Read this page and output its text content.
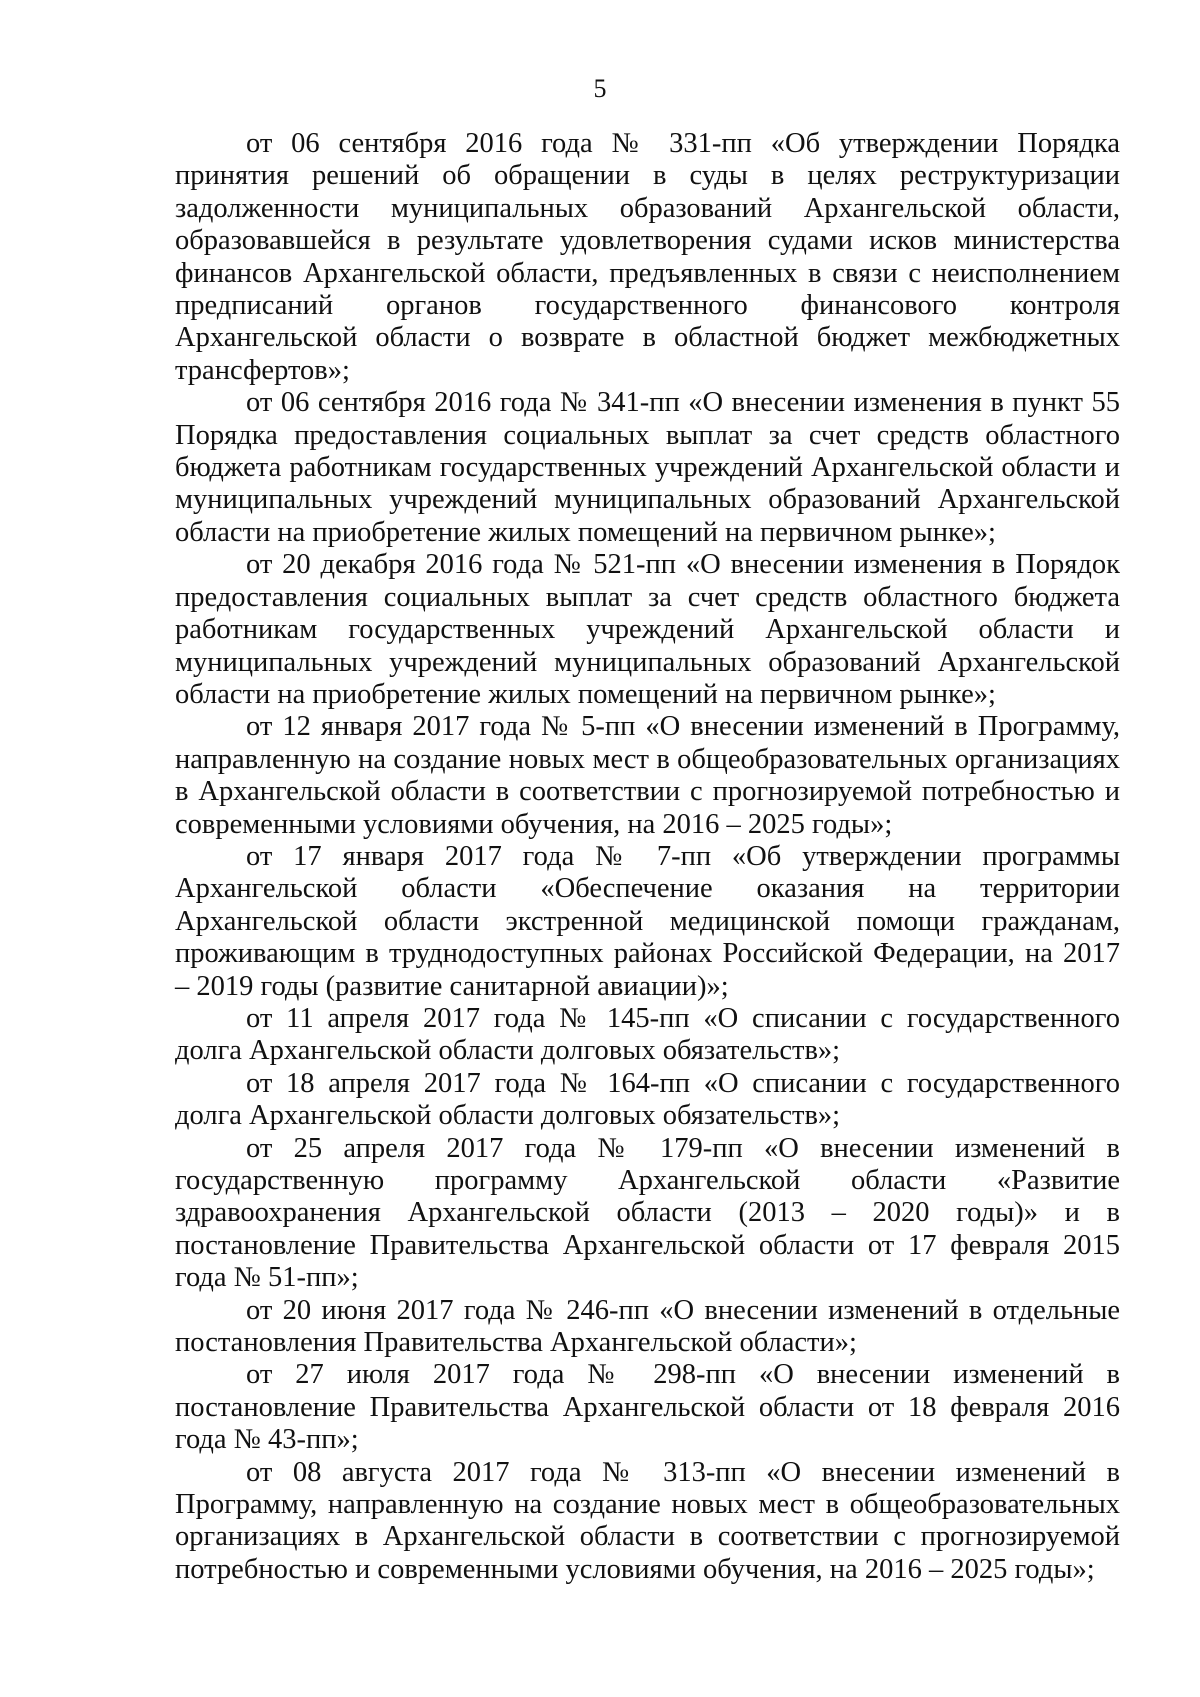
5

от 06 сентября 2016 года № 331-пп «Об утверждении Порядка принятия решений об обращении в суды в целях реструктуризации задолженности муниципальных образований Архангельской области, образовавшейся в результате удовлетворения судами исков министерства финансов Архангельской области, предъявленных в связи с неисполнением предписаний органов государственного финансового контроля Архангельской области о возврате в областной бюджет межбюджетных трансфертов»;

от 06 сентября 2016 года № 341-пп «О внесении изменения в пункт 55 Порядка предоставления социальных выплат за счет средств областного бюджета работникам государственных учреждений Архангельской области и муниципальных учреждений муниципальных образований Архангельской области на приобретение жилых помещений на первичном рынке»;

от 20 декабря 2016 года № 521-пп «О внесении изменения в Порядок предоставления социальных выплат за счет средств областного бюджета работникам государственных учреждений Архангельской области и муниципальных учреждений муниципальных образований Архангельской области на приобретение жилых помещений на первичном рынке»;

от 12 января 2017 года № 5-пп «О внесении изменений в Программу, направленную на создание новых мест в общеобразовательных организациях в Архангельской области в соответствии с прогнозируемой потребностью и современными условиями обучения, на 2016 – 2025 годы»;

от 17 января 2017 года № 7-пп «Об утверждении программы Архангельской области «Обеспечение оказания на территории Архангельской области экстренной медицинской помощи гражданам, проживающим в труднодоступных районах Российской Федерации, на 2017 – 2019 годы (развитие санитарной авиации)»;

от 11 апреля 2017 года № 145-пп «О списании с государственного долга Архангельской области долговых обязательств»;

от 18 апреля 2017 года № 164-пп «О списании с государственного долга Архангельской области долговых обязательств»;

от 25 апреля 2017 года № 179-пп «О внесении изменений в государственную программу Архангельской области «Развитие здравоохранения Архангельской области (2013 – 2020 годы)» и в постановление Правительства Архангельской области от 17 февраля 2015 года № 51-пп»;

от 20 июня 2017 года № 246-пп «О внесении изменений в отдельные постановления Правительства Архангельской области»;

от 27 июля 2017 года № 298-пп «О внесении изменений в постановление Правительства Архангельской области от 18 февраля 2016 года № 43-пп»;

от 08 августа 2017 года № 313-пп «О внесении изменений в Программу, направленную на создание новых мест в общеобразовательных организациях в Архангельской области в соответствии с прогнозируемой потребностью и современными условиями обучения, на 2016 – 2025 годы»;
